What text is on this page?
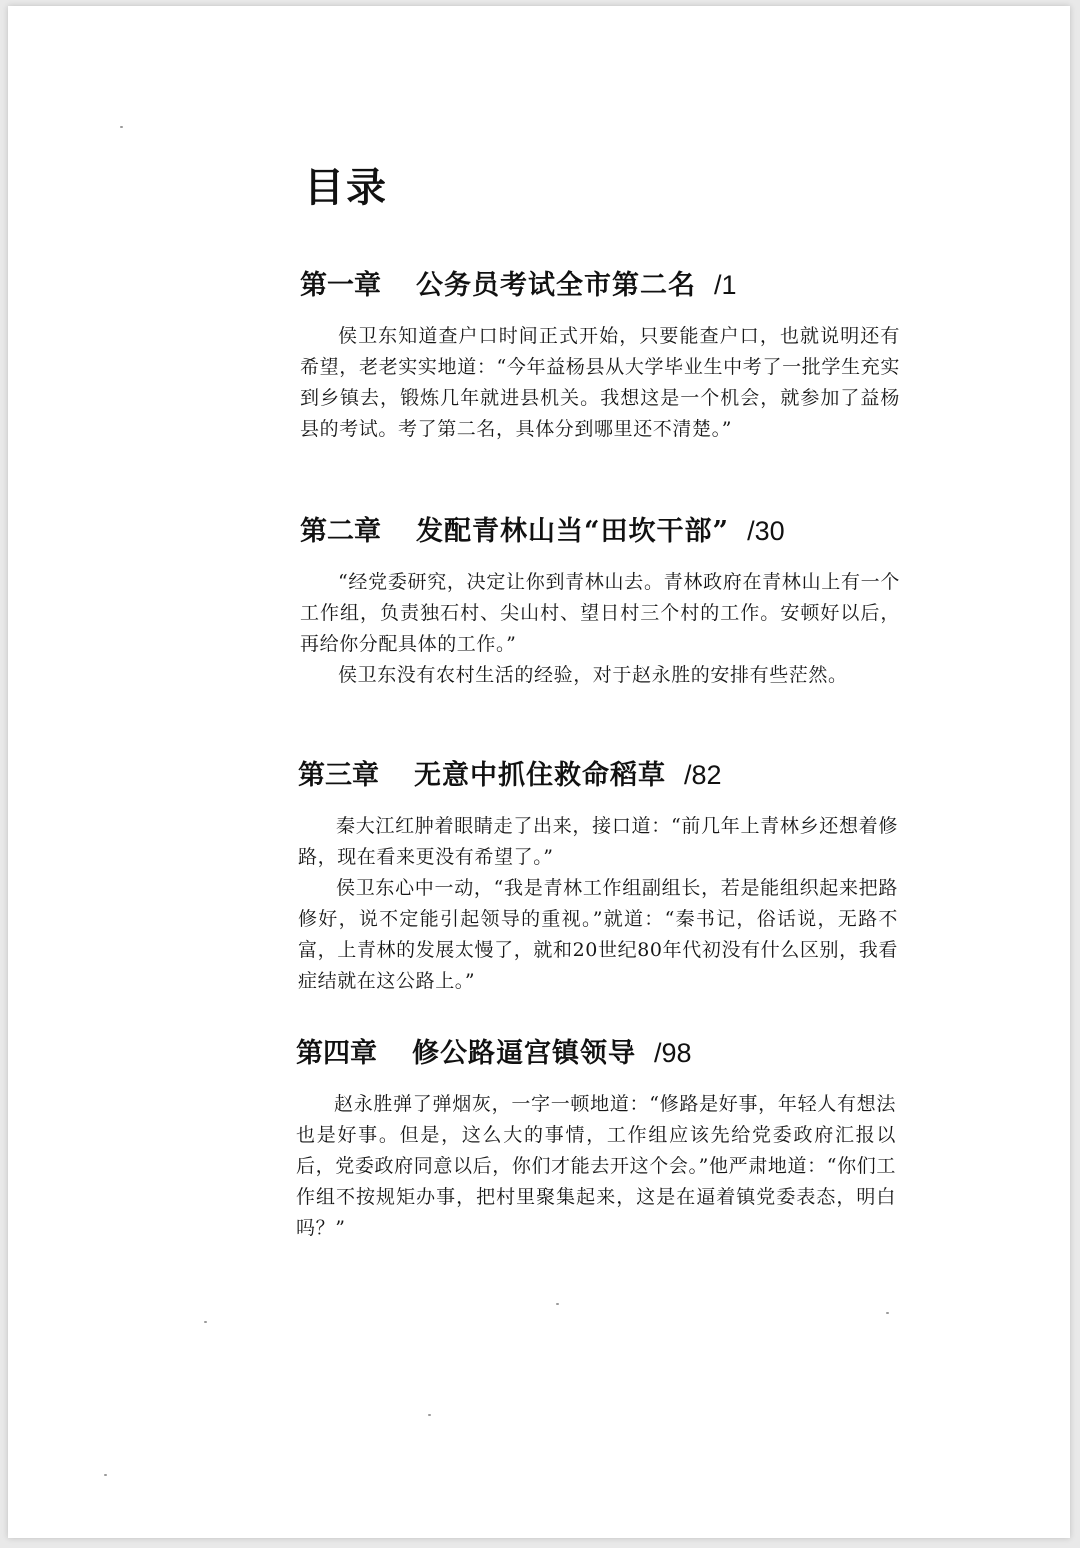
目录
第一章 公务员考试全市第二名 /1

侯卫东知道查户口时间正式开始，只要能查户口，也就说明还有希望，老老实实地道：“今年益杨县从大学毕业生中考了一批学生充实到乡镇去，锻炼几年就进县机关。我想这是一个机会，就参加了益杨县的考试。考了第二名，具体分到哪里还不清楚。”

第二章 发配青林山当“田坎干部” /30

“经党委研究，决定让你到青林山去。青林政府在青林山上有一个工作组，负责独石村、尖山村、望日村三个村的工作。安顿好以后，再给你分配具体的工作。”

侯卫东没有农村生活的经验，对于赵永胜的安排有些茫然。

第三章 无意中抓住救命稻草 /82

秦大江红肿着眼睛走了出来，接口道：“前几年上青林乡还想着修路，现在看来更没有希望了。”

侯卫东心中一动，“我是青林工作组副组长，若是能组织起来把路修好，说不定能引起领导的重视。”就道：“秦书记，俗话说，无路不富，上青林的发展太慢了，就和20世纪80年代初没有什么区别，我看症结就在这公路上。”

第四章 修公路逼宫镇领导 /98

赵永胜弹了弹烟灰，一字一顿地道：“修路是好事，年轻人有想法也是好事。但是，这么大的事情，工作组应该先给党委政府汇报以后，党委政府同意以后，你们才能去开这个会。”他严肃地道：“你们工作组不按规矩办事，把村里聚集起来，这是在逼着镇党委表态，明白吗？”
